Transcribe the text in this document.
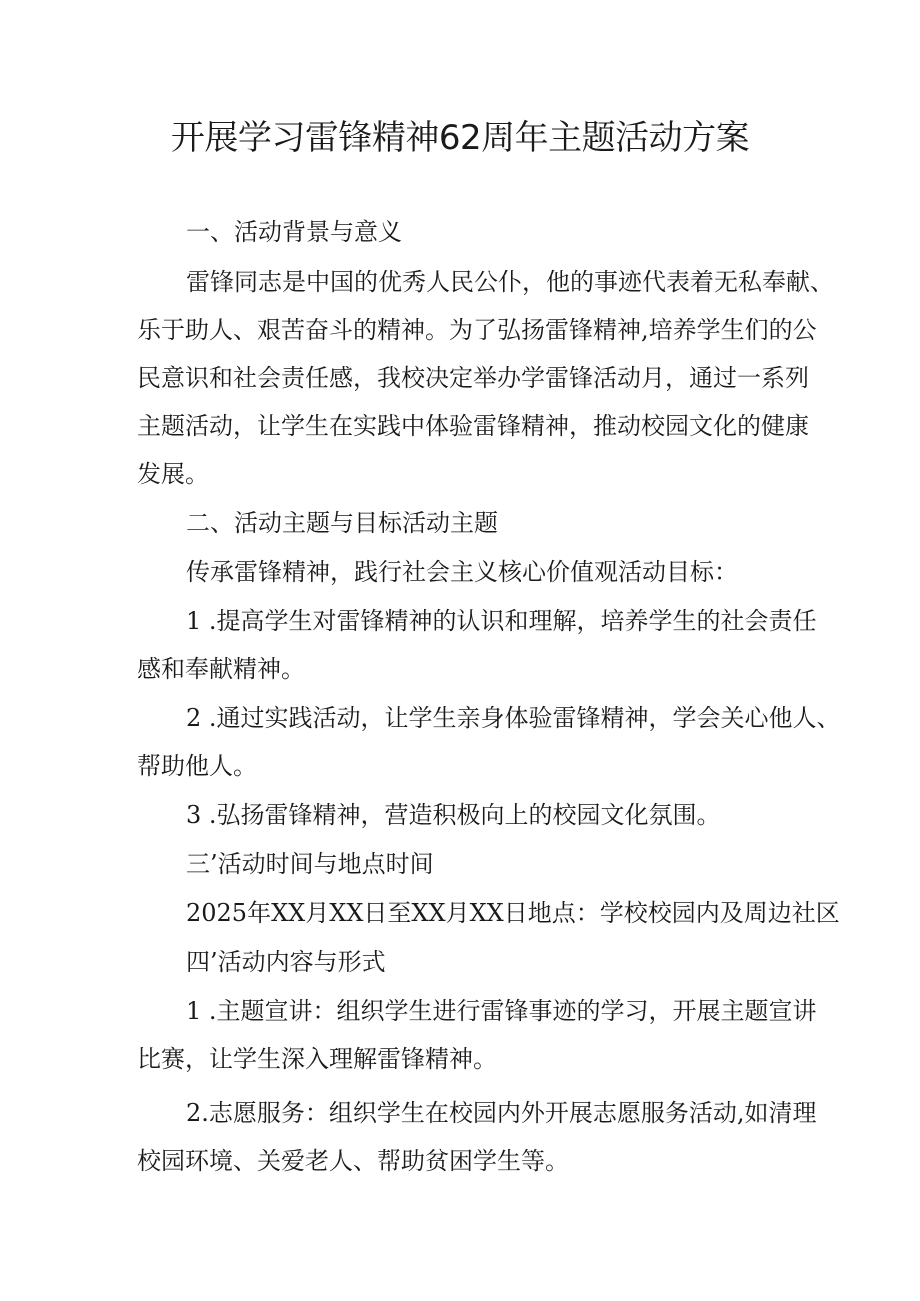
开展学习雷锋精神62周年主题活动方案

一、活动背景与意义

雷锋同志是中国的优秀人民公仆，他的事迹代表着无私奉献、

乐于助人、艰苦奋斗的精神。为了弘扬雷锋精神,培养学生们的公

民意识和社会责任感，我校决定举办学雷锋活动月，通过一系列

主题活动，让学生在实践中体验雷锋精神，推动校园文化的健康

发展。

二、活动主题与目标活动主题

传承雷锋精神，践行社会主义核心价值观活动目标：

1 .提高学生对雷锋精神的认识和理解，培养学生的社会责任

感和奉献精神。

2 .通过实践活动，让学生亲身体验雷锋精神，学会关心他人、

帮助他人。

3 .弘扬雷锋精神，营造积极向上的校园文化氛围。

三’活动时间与地点时间

2025年XX月XX日至XX月XX日地点：学校校园内及周边社区

四’活动内容与形式

1 .主题宣讲：组织学生进行雷锋事迹的学习，开展主题宣讲

比赛，让学生深入理解雷锋精神。

2.志愿服务：组织学生在校园内外开展志愿服务活动,如清理

校园环境、关爱老人、帮助贫困学生等。
